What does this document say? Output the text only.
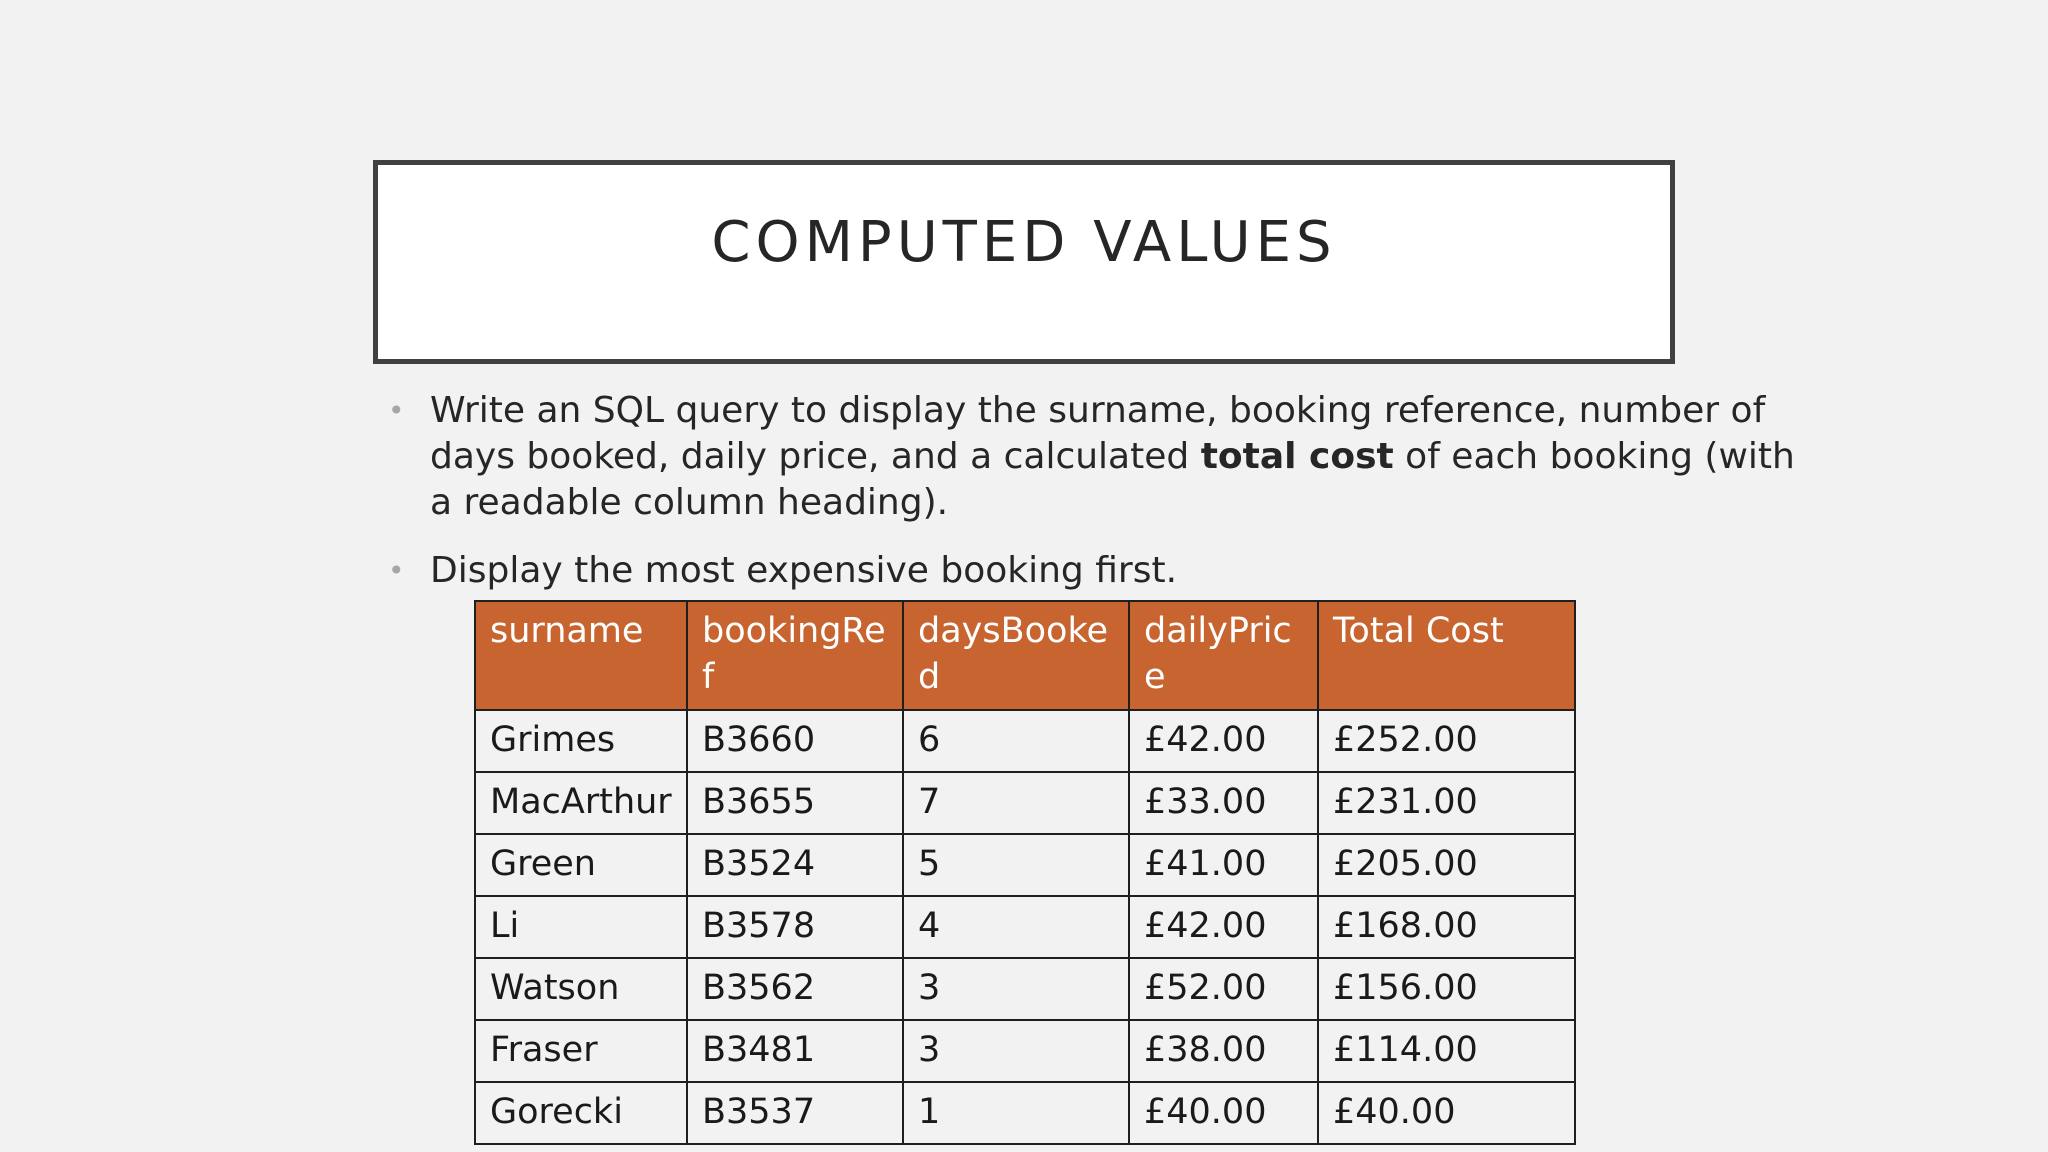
COMPUTED VALUES
• Write an SQL query to display the surname, booking reference, number of days booked, daily price, and a calculated total cost of each booking (with a readable column heading).
• Display the most expensive booking first.
surname	bookingRef	daysBooked	dailyPrice	Total Cost
Grimes	B3660	6	£42.00	£252.00
MacArthur	B3655	7	£33.00	£231.00
Green	B3524	5	£41.00	£205.00
Li	B3578	4	£42.00	£168.00
Watson	B3562	3	£52.00	£156.00
Fraser	B3481	3	£38.00	£114.00
Gorecki	B3537	1	£40.00	£40.00
